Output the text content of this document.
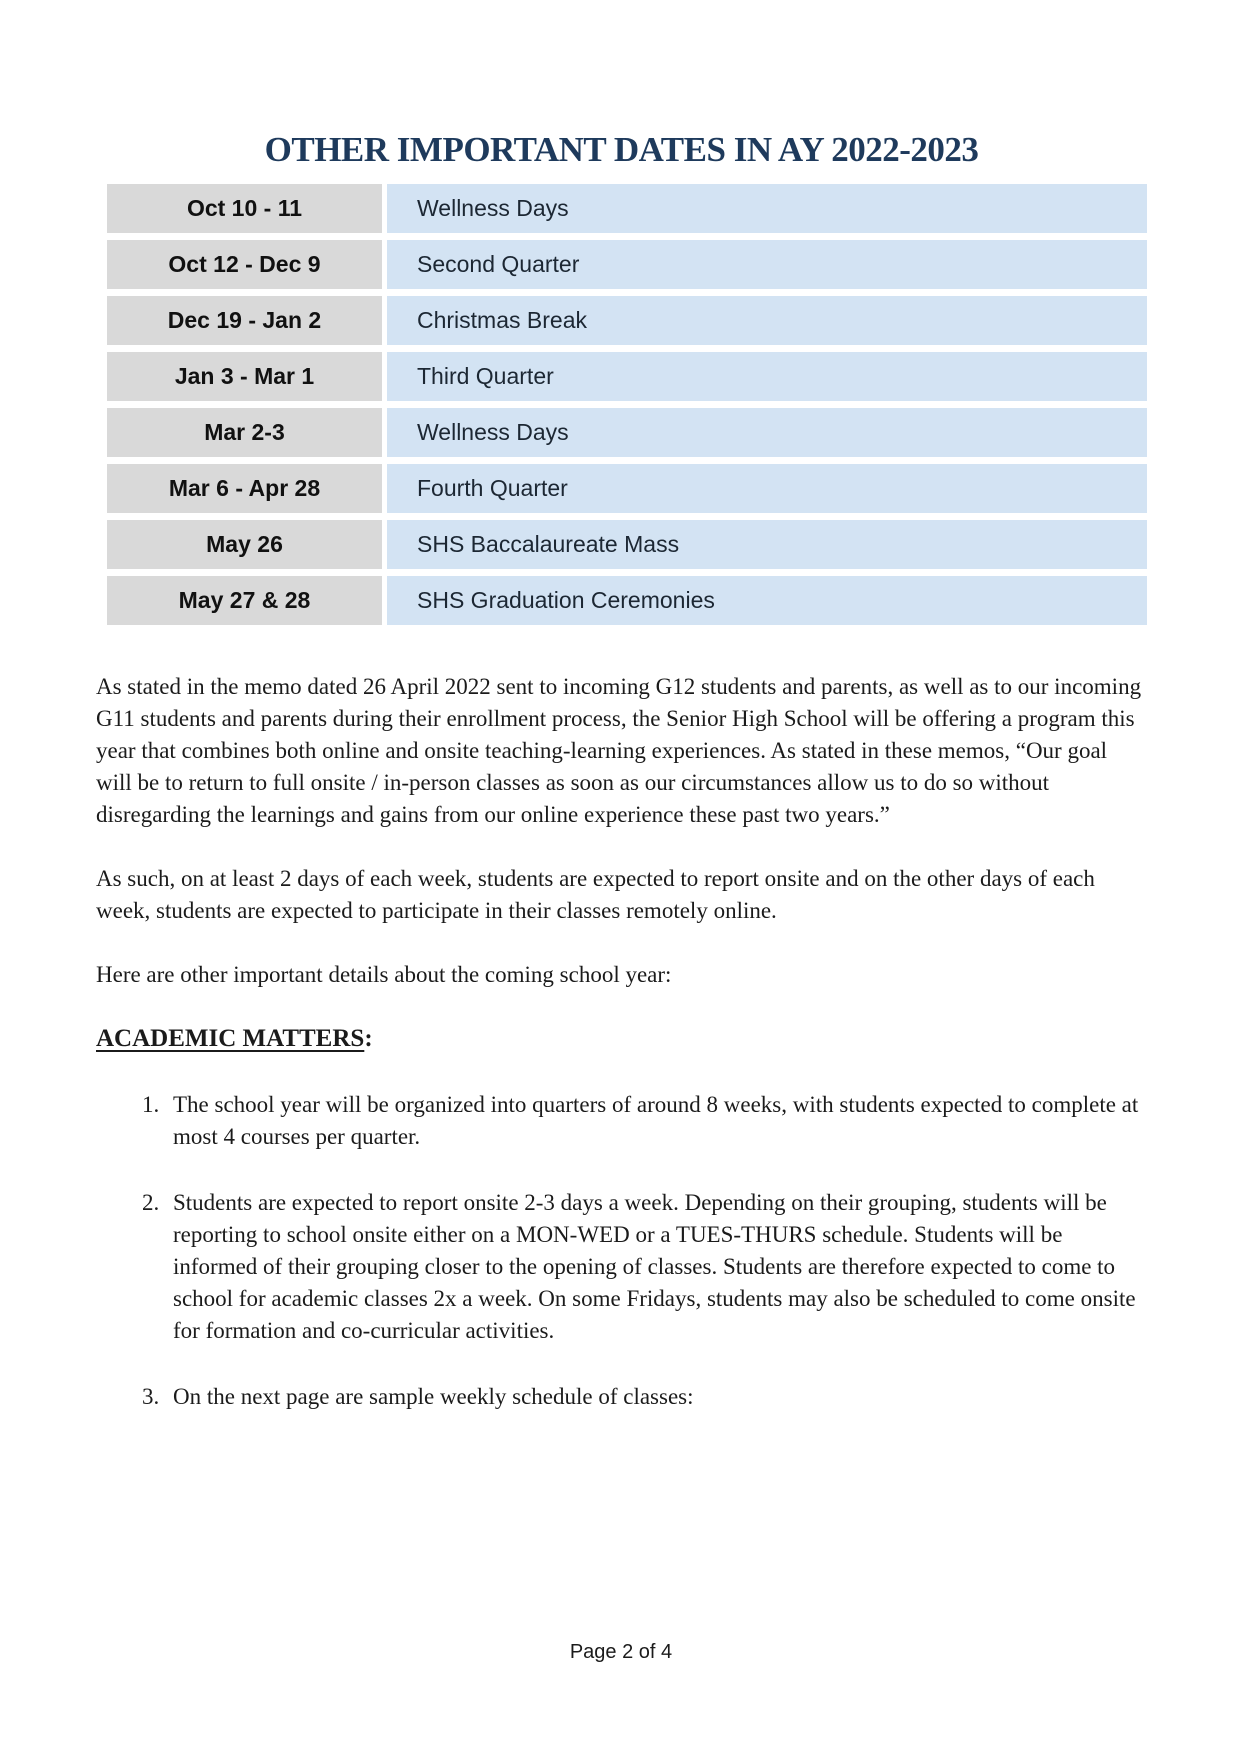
OTHER IMPORTANT DATES IN AY 2022-2023
Oct 10 - 11	Wellness Days
Oct 12 - Dec 9	Second Quarter
Dec 19 - Jan 2	Christmas Break
Jan 3 - Mar 1	Third Quarter
Mar 2-3	Wellness Days
Mar 6 - Apr 28	Fourth Quarter
May 26	SHS Baccalaureate Mass
May 27 & 28	SHS Graduation Ceremonies

As stated in the memo dated 26 April 2022 sent to incoming G12 students and parents, as well as to our incoming G11 students and parents during their enrollment process, the Senior High School will be offering a program this year that combines both online and onsite teaching-learning experiences. As stated in these memos, “Our goal will be to return to full onsite / in-person classes as soon as our circumstances allow us to do so without disregarding the learnings and gains from our online experience these past two years.”

As such, on at least 2 days of each week, students are expected to report onsite and on the other days of each week, students are expected to participate in their classes remotely online.

Here are other important details about the coming school year:

ACADEMIC MATTERS:
1. The school year will be organized into quarters of around 8 weeks, with students expected to complete at most 4 courses per quarter.
2. Students are expected to report onsite 2-3 days a week. Depending on their grouping, students will be reporting to school onsite either on a MON-WED or a TUES-THURS schedule. Students will be informed of their grouping closer to the opening of classes. Students are therefore expected to come to school for academic classes 2x a week. On some Fridays, students may also be scheduled to come onsite for formation and co-curricular activities.
3. On the next page are sample weekly schedule of classes:
Page 2 of 4
